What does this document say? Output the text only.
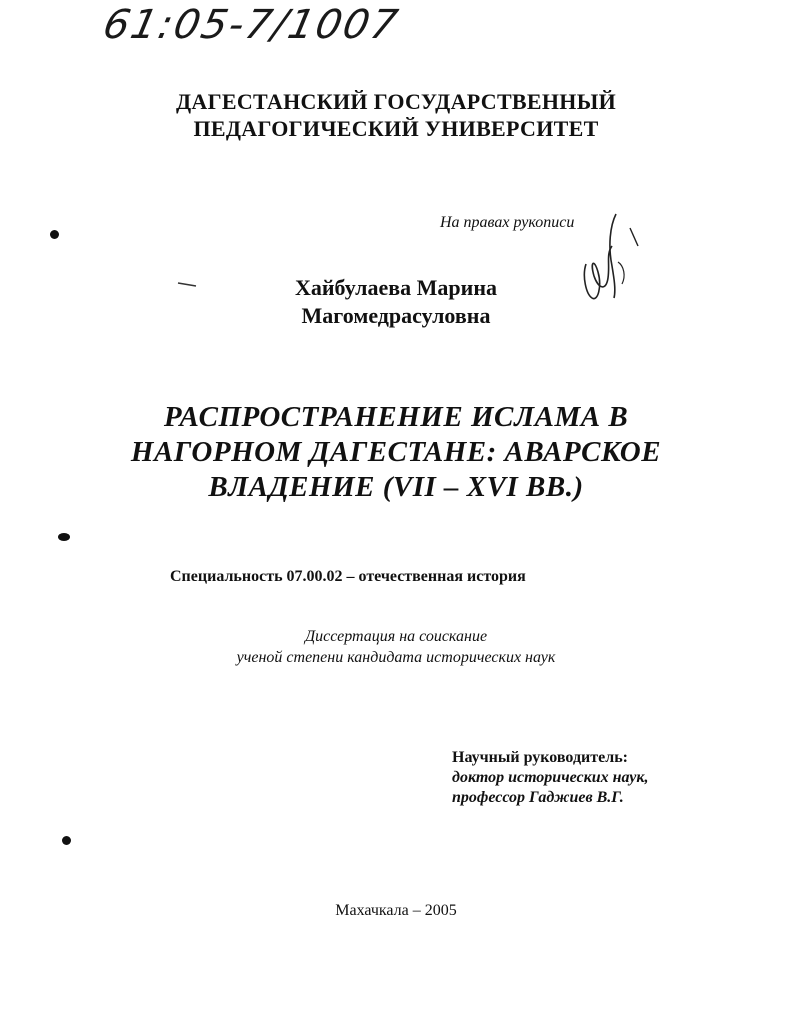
61:05-7/1007
ДАГЕСТАНСКИЙ ГОСУДАРСТВЕННЫЙ
ПЕДАГОГИЧЕСКИЙ УНИВЕРСИТЕТ
На правах рукописи
Хайбулаева Марина
Магомедрасуловна
РАСПРОСТРАНЕНИЕ ИСЛАМА В
НАГОРНОМ ДАГЕСТАНЕ: АВАРСКОЕ
ВЛАДЕНИЕ (VII – XVI ВВ.)
Специальность 07.00.02 – отечественная история
Диссертация на соискание
ученой степени кандидата исторических наук
Научный руководитель:
доктор исторических наук,
профессор Гаджиев В.Г.
Махачкала – 2005
